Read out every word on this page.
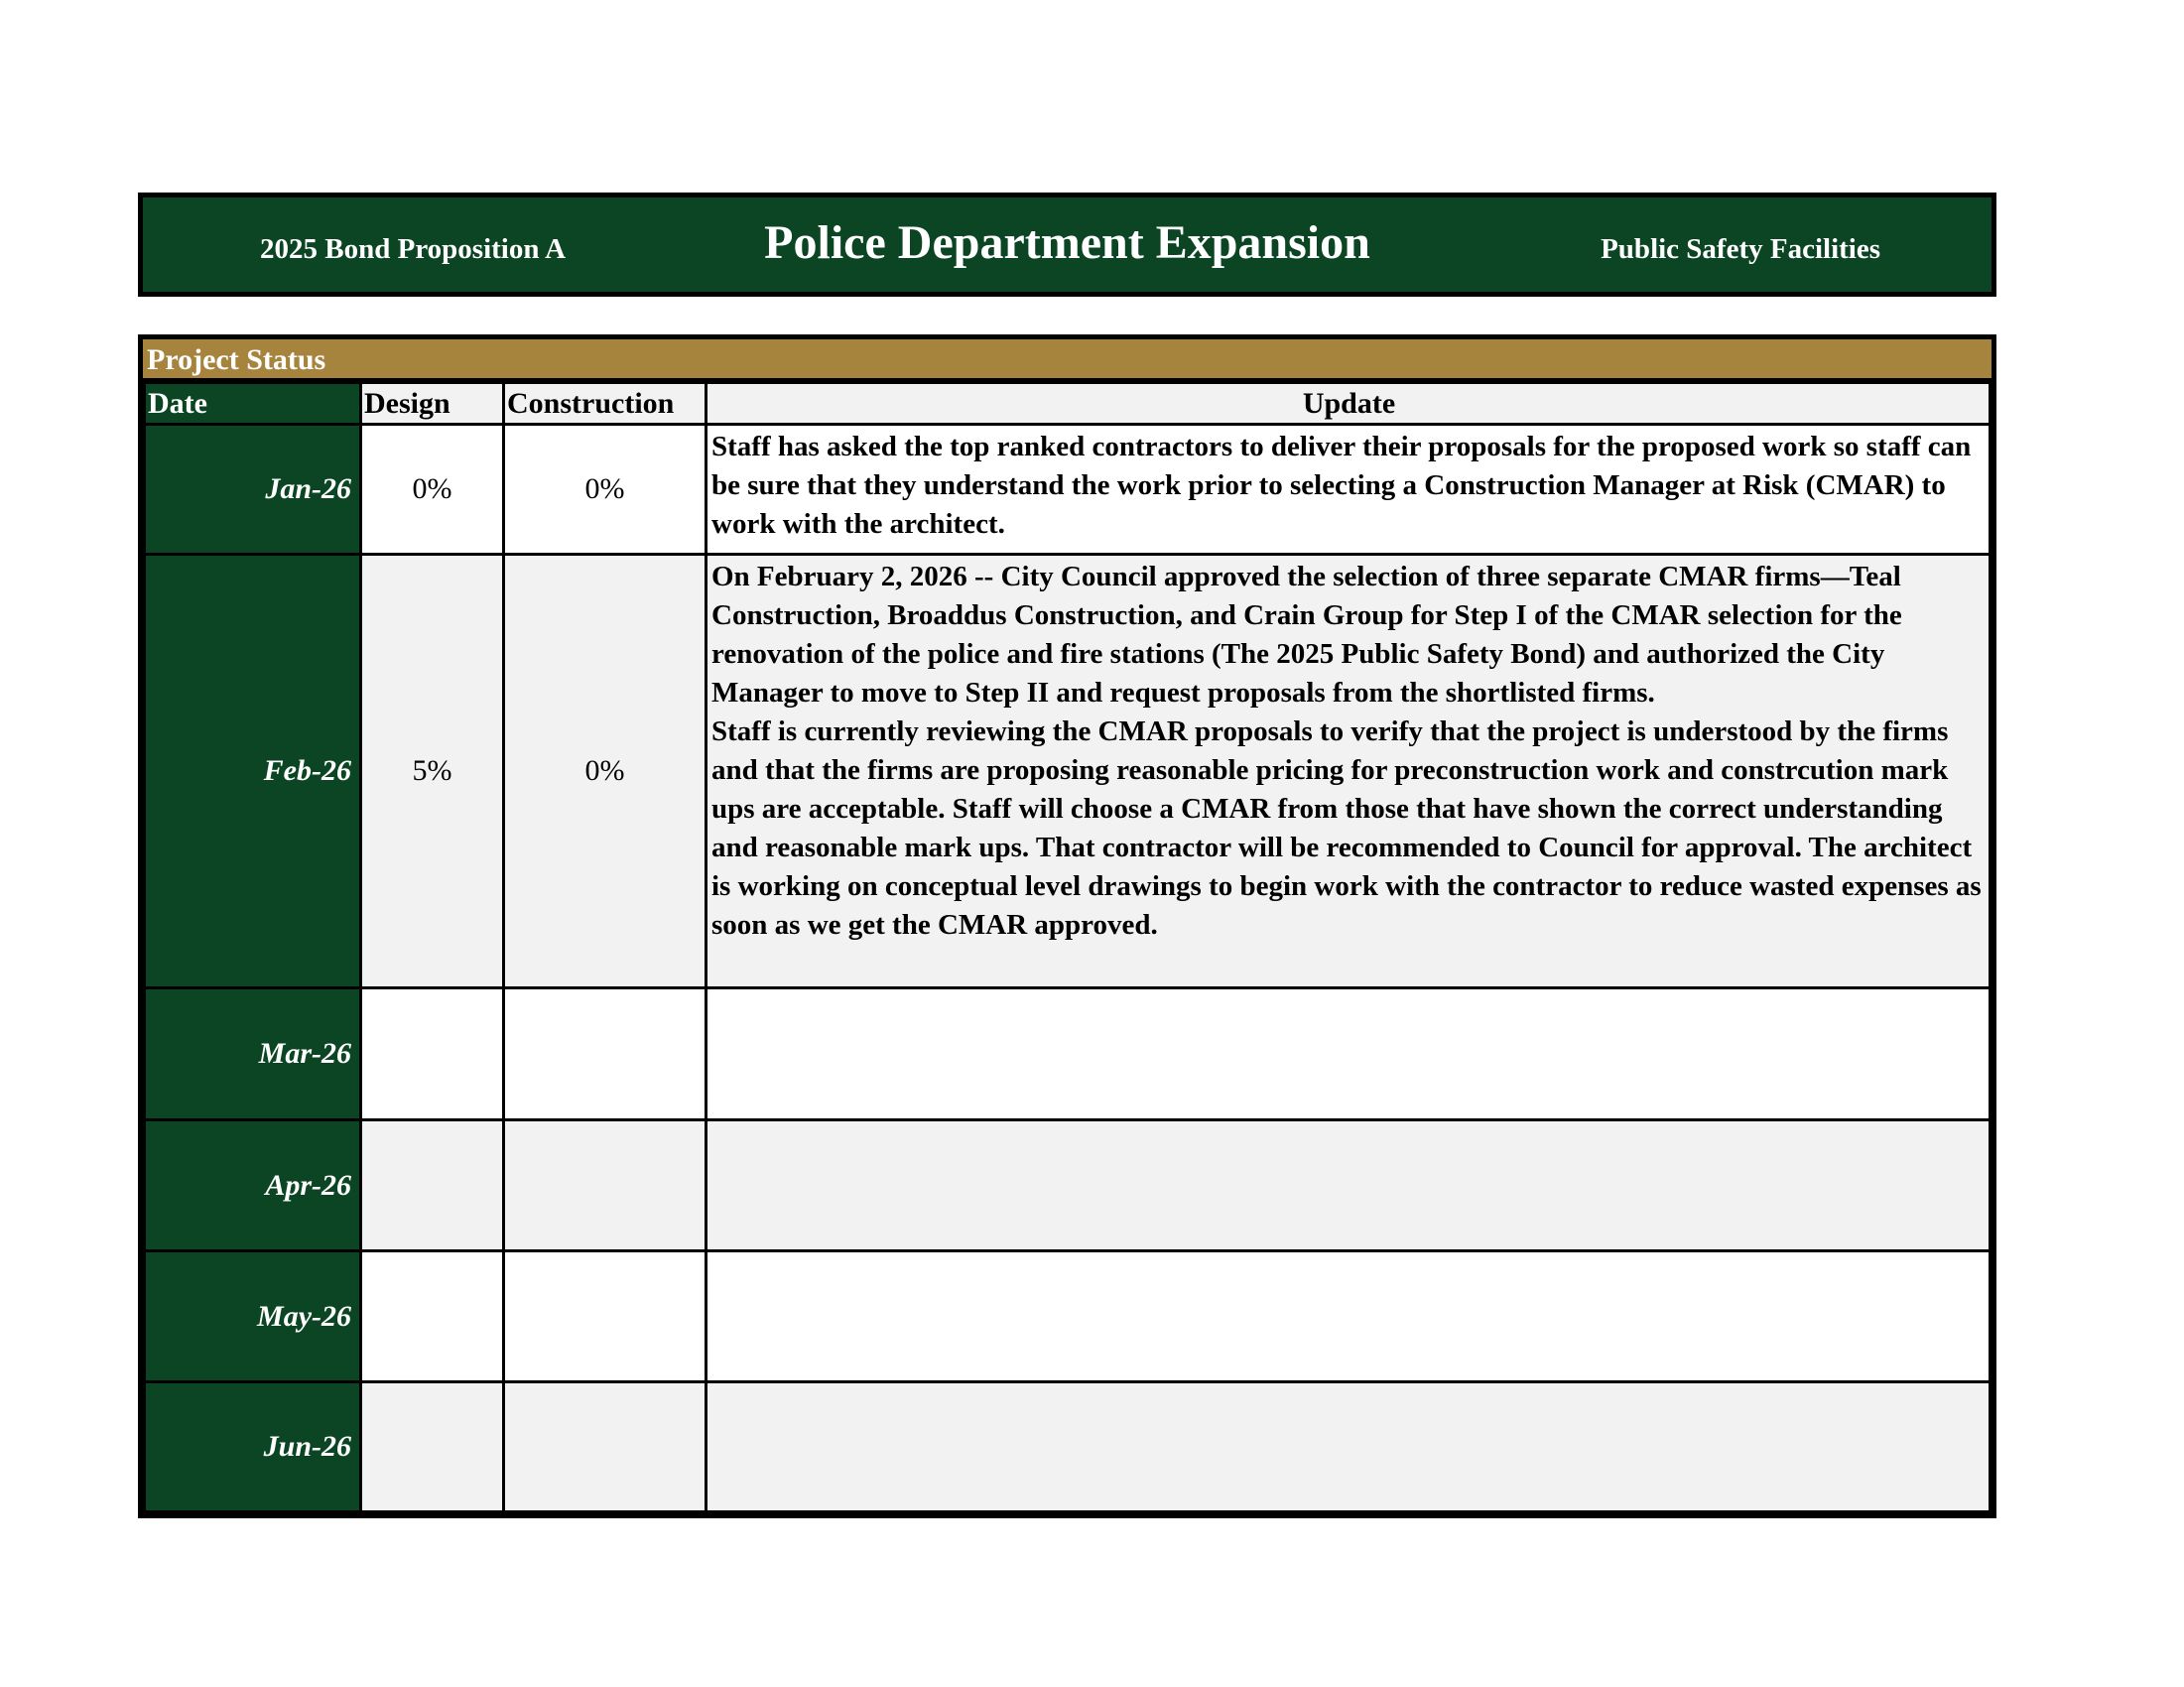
2025 Bond Proposition A	Police Department Expansion	Public Safety Facilities
Project Status
Date	Design	Construction	Update
Jan-26	0%	0%	Staff has asked the top ranked contractors to deliver their proposals for the proposed work so staff can be sure that they understand the work prior to selecting a Construction Manager at Risk (CMAR) to work with the architect.

Feb-26	5%	0%	On February 2, 2026 -- City Council approved the selection of three separate CMAR firms—Teal Construction, Broaddus Construction, and Crain Group for Step I of the CMAR selection for the renovation of the police and fire stations (The 2025 Public Safety Bond) and authorized the City Manager to move to Step II and request proposals from the shortlisted firms.

Staff is currently reviewing the CMAR proposals to verify that the project is understood by the firms and that the firms are proposing reasonable pricing for preconstruction work and constrcution mark ups are acceptable. Staff will choose a CMAR from those that have shown the correct understanding and reasonable mark ups. That contractor will be recommended to Council for approval. The architect is working on conceptual level drawings to begin work with the contractor to reduce wasted expenses as soon as we get the CMAR approved.

Mar-26			

Apr-26			

May-26			

Jun-26			
